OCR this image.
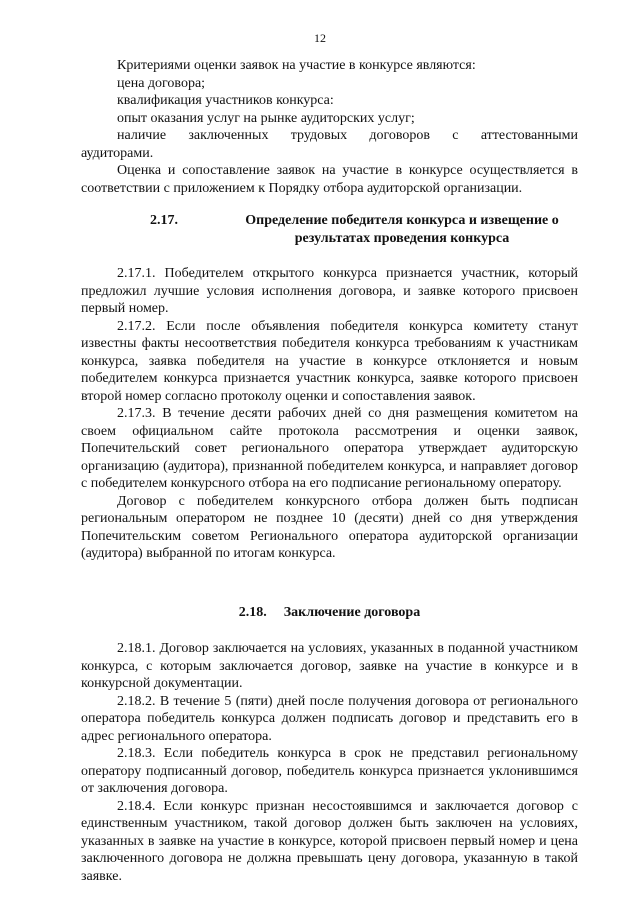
12

Критериями оценки заявок на участие в конкурсе являются:

цена договора;

квалификация участников конкурса:

опыт оказания услуг на рынке аудиторских услуг;

наличие заключенных трудовых договоров с аттестованными

аудиторами.

Оценка и сопоставление заявок на участие в конкурсе осуществляется в соответствии с приложением к Порядку отбора аудиторской организации.

2.17.	Определение победителя конкурса и извещение о
результатах проведения конкурса

2.17.1. Победителем открытого конкурса признается участник, который предложил лучшие условия исполнения договора, и заявке которого присвоен первый номер.

2.17.2. Если после объявления победителя конкурса комитету станут известны факты несоответствия победителя конкурса требованиям к участникам конкурса, заявка победителя на участие в конкурсе отклоняется и новым победителем конкурса признается участник конкурса, заявке которого присвоен второй номер согласно протоколу оценки и сопоставления заявок.

2.17.3. В течение десяти рабочих дней со дня размещения комитетом на своем официальном сайте протокола рассмотрения и оценки заявок, Попечительский совет регионального оператора утверждает аудиторскую организацию (аудитора), признанной победителем конкурса, и направляет договор с победителем конкурсного отбора на его подписание региональному оператору.

Договор с победителем конкурсного отбора должен быть подписан региональным оператором не позднее 10 (десяти) дней со дня утверждения Попечительским советом Регионального оператора аудиторской организации (аудитора) выбранной по итогам конкурса.

2.18. Заключение договора

2.18.1. Договор заключается на условиях, указанных в поданной участником конкурса, с которым заключается договор, заявке на участие в конкурсе и в конкурсной документации.

2.18.2. В течение 5 (пяти) дней после получения договора от регионального оператора победитель конкурса должен подписать договор и представить его в адрес регионального оператора.

2.18.3. Если победитель конкурса в срок не представил региональному оператору подписанный договор, победитель конкурса признается уклонившимся от заключения договора.

2.18.4. Если конкурс признан несостоявшимся и заключается договор с единственным участником, такой договор должен быть заключен на условиях, указанных в заявке на участие в конкурсе, которой присвоен первый номер и цена заключенного договора не должна превышать цену договора, указанную в такой заявке.
